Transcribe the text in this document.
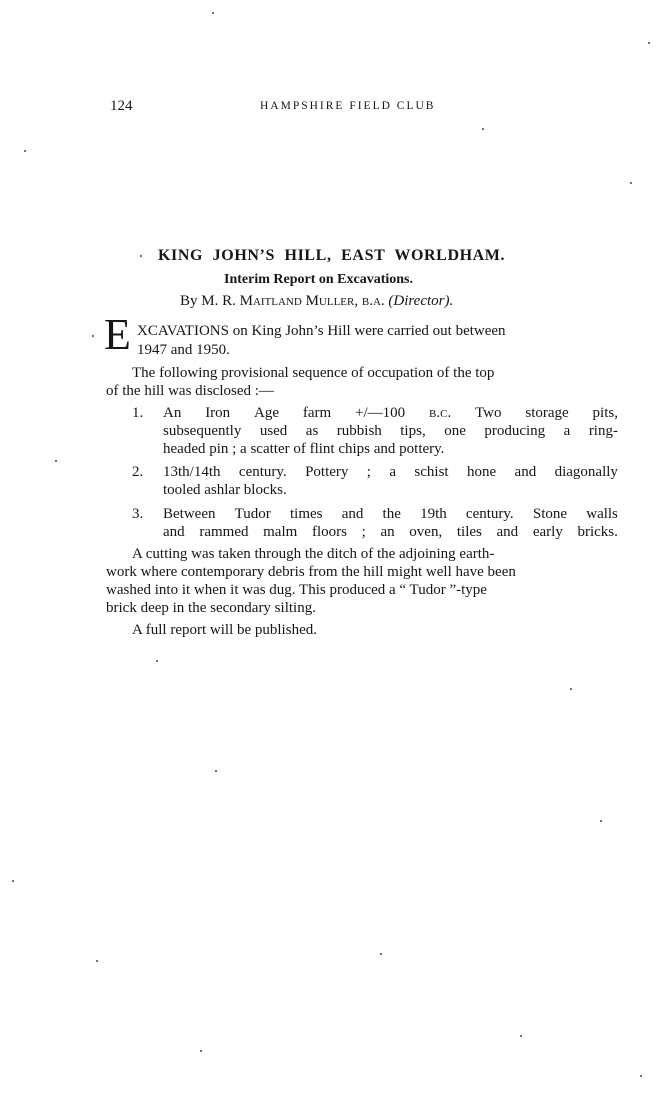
124	HAMPSHIRE FIELD CLUB
KING JOHN’S HILL, EAST WORLDHAM.
Interim Report on Excavations.
By M. R. Maitland Muller, b.a. (Director).
E XCAVATIONS on King John’s Hill were carried out between
1947 and 1950.
The following provisional sequence of occupation of the top
of the hill was disclosed :—
1. An Iron Age farm +/—100 b.c. Two storage pits,
subsequently used as rubbish tips, one producing a ring-
headed pin ; a scatter of flint chips and pottery.
2. 13th/14th century. Pottery ; a schist hone and diagonally
tooled ashlar blocks.
3. Between Tudor times and the 19th century. Stone walls
and rammed malm floors ; an oven, tiles and early bricks.
A cutting was taken through the ditch of the adjoining earth-
work where contemporary debris from the hill might well have been
washed into it when it was dug. This produced a “ Tudor ”-type
brick deep in the secondary silting.
A full report will be published.
